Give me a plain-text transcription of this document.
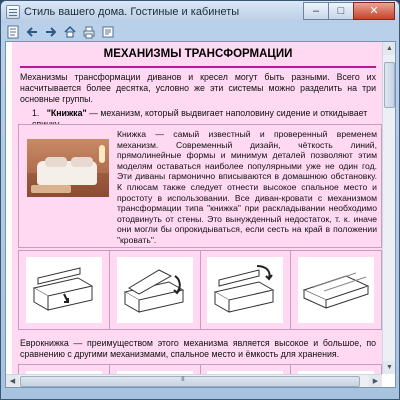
Стиль вашего дома. Гостиные и кабинеты	–	□	✕
МЕХАНИЗМЫ ТРАНСФОРМАЦИИ
Механизмы трансформации диванов и кресел могут быть разными. Всего их насчитывается более десятка, условно же эти системы можно разделить на три основные группы.
1. "Книжка" — механизм, который выдвигает наполовину сидение и откидывает
Книжка — самый известный и проверенный временем механизм. Современный дизайн, чёткость линий, прямолинейные формы и минимум деталей позволяют этим моделям оставаться наиболее популярными уже не один год. Эти диваны гармонично вписываются в домашнюю обстановку. К плюсам также следует отнести высокое спальное место и простоту в использовании. Все диван-кровати с механизмом трансформации типа "книжка" при раскладывании необходимо отодвинуть от стены. Это вынужденный недостаток, т. к. иначе они могли бы опрокидываться, если сесть на край в положении "кровать".
Еврокнижка — преимуществом этого механизма является высокое и большое, по сравнению с другими механизмами, спальное место и ёмкость для хранения.
▲
▼
◀
III	▶
